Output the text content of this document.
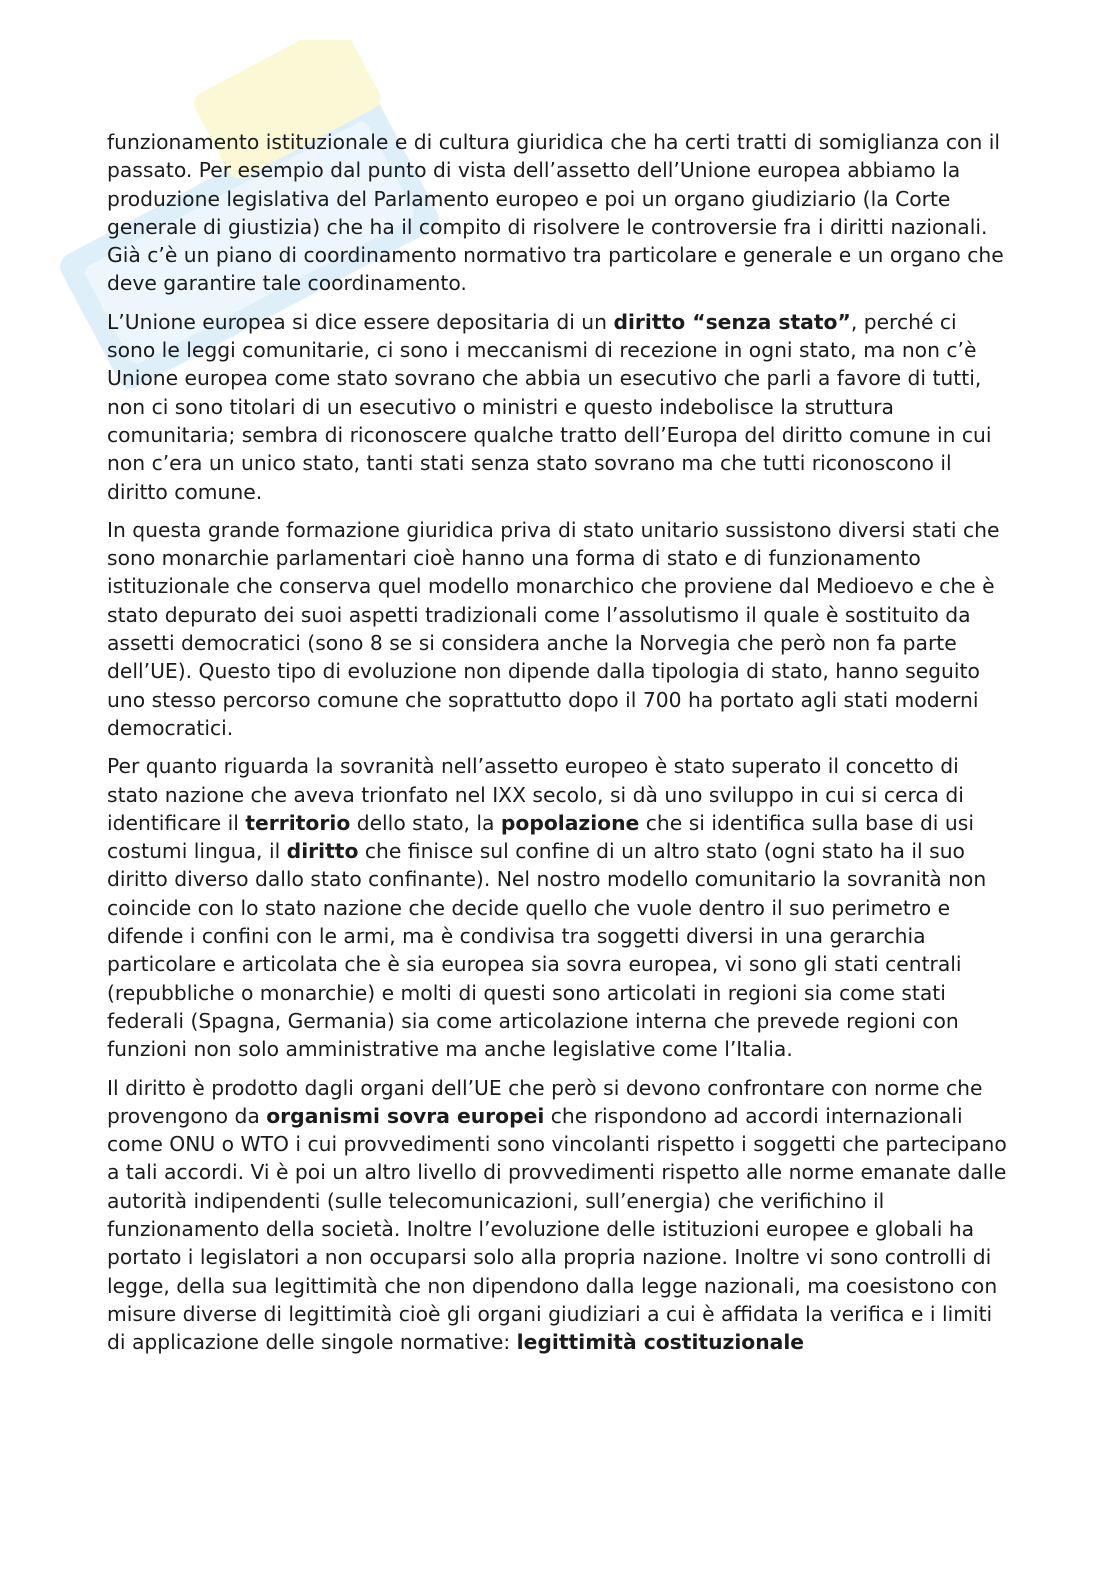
funzionamento istituzionale e di cultura giuridica che ha certi tratti di somiglianza con il passato. Per esempio dal punto di vista dell’assetto dell’Unione europea abbiamo la produzione legislativa del Parlamento europeo e poi un organo giudiziario (la Corte generale di giustizia) che ha il compito di risolvere le controversie fra i diritti nazionali. Già c’è un piano di coordinamento normativo tra particolare e generale e un organo che deve garantire tale coordinamento.

L’Unione europea si dice essere depositaria di un diritto “senza stato”, perché ci sono le leggi comunitarie, ci sono i meccanismi di recezione in ogni stato, ma non c’è Unione europea come stato sovrano che abbia un esecutivo che parli a favore di tutti, non ci sono titolari di un esecutivo o ministri e questo indebolisce la struttura comunitaria; sembra di riconoscere qualche tratto dell’Europa del diritto comune in cui non c’era un unico stato, tanti stati senza stato sovrano ma che tutti riconoscono il diritto comune.

In questa grande formazione giuridica priva di stato unitario sussistono diversi stati che sono monarchie parlamentari cioè hanno una forma di stato e di funzionamento istituzionale che conserva quel modello monarchico che proviene dal Medioevo e che è stato depurato dei suoi aspetti tradizionali come l’assolutismo il quale è sostituito da assetti democratici (sono 8 se si considera anche la Norvegia che però non fa parte dell’UE). Questo tipo di evoluzione non dipende dalla tipologia di stato, hanno seguito uno stesso percorso comune che soprattutto dopo il 700 ha portato agli stati moderni democratici.

Per quanto riguarda la sovranità nell’assetto europeo è stato superato il concetto di stato nazione che aveva trionfato nel IXX secolo, si dà uno sviluppo in cui si cerca di identificare il territorio dello stato, la popolazione che si identifica sulla base di usi costumi lingua, il diritto che finisce sul confine di un altro stato (ogni stato ha il suo diritto diverso dallo stato confinante). Nel nostro modello comunitario la sovranità non coincide con lo stato nazione che decide quello che vuole dentro il suo perimetro e difende i confini con le armi, ma è condivisa tra soggetti diversi in una gerarchia particolare e articolata che è sia europea sia sovra europea, vi sono gli stati centrali (repubbliche o monarchie) e molti di questi sono articolati in regioni sia come stati federali (Spagna, Germania) sia come articolazione interna che prevede regioni con funzioni non solo amministrative ma anche legislative come l’Italia.

Il diritto è prodotto dagli organi dell’UE che però si devono confrontare con norme che provengono da organismi sovra europei che rispondono ad accordi internazionali come ONU o WTO i cui provvedimenti sono vincolanti rispetto i soggetti che partecipano a tali accordi. Vi è poi un altro livello di provvedimenti rispetto alle norme emanate dalle autorità indipendenti (sulle telecomunicazioni, sull’energia) che verifichino il funzionamento della società. Inoltre l’evoluzione delle istituzioni europee e globali ha portato i legislatori a non occuparsi solo alla propria nazione. Inoltre vi sono controlli di legge, della sua legittimità che non dipendono dalla legge nazionali, ma coesistono con misure diverse di legittimità cioè gli organi giudiziari a cui è affidata la verifica e i limiti di applicazione delle singole normative: legittimità costituzionale
